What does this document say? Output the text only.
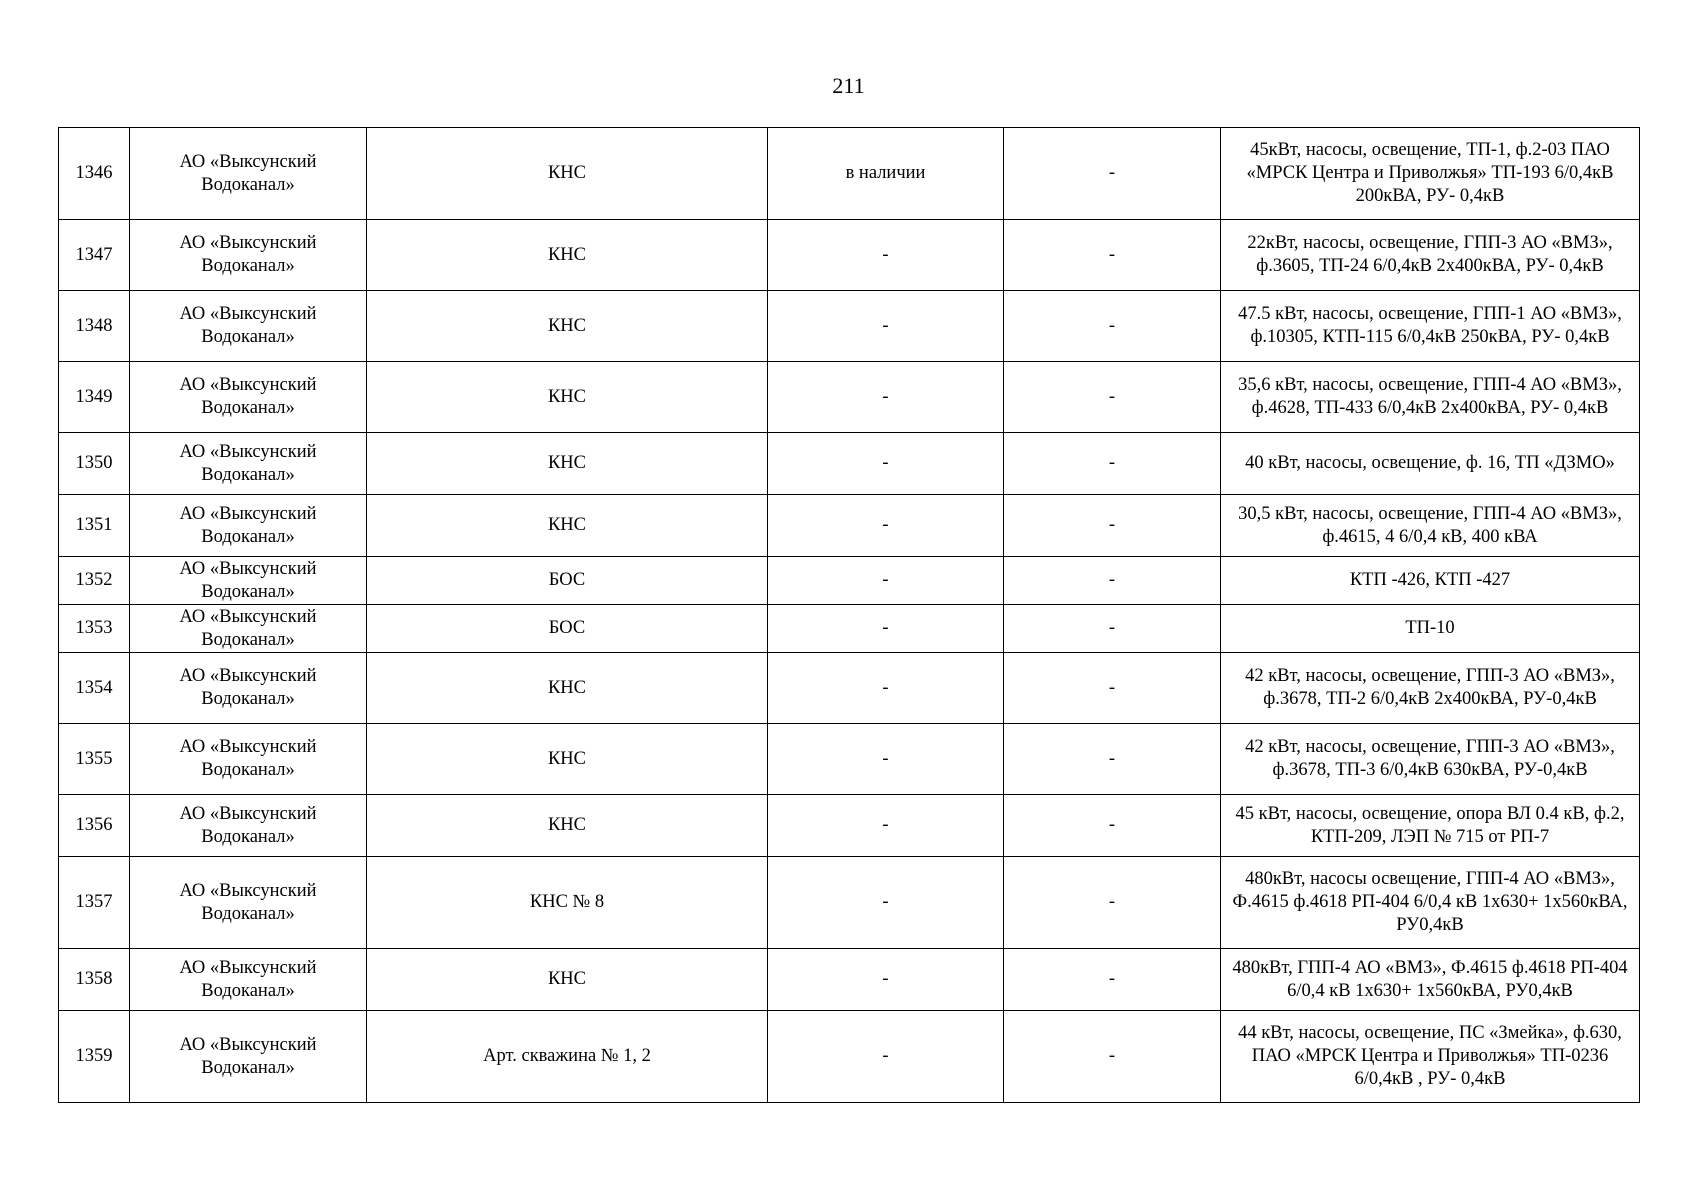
211
1346	АО «Выксунский Водоканал»	КНС	в наличии	-	45кВт, насосы, освещение, ТП-1, ф.2-03 ПАО «МРСК Центра и Приволжья» ТП-193 6/0,4кВ 200кВА, РУ- 0,4кВ
1347	АО «Выксунский Водоканал»	КНС	-	-	22кВт, насосы, освещение, ГПП-3 АО «ВМЗ», ф.3605, ТП-24 6/0,4кВ 2х400кВА, РУ- 0,4кВ
1348	АО «Выксунский Водоканал»	КНС	-	-	47.5 кВт, насосы, освещение, ГПП-1 АО «ВМЗ», ф.10305, КТП-115 6/0,4кВ 250кВА, РУ- 0,4кВ
1349	АО «Выксунский Водоканал»	КНС	-	-	35,6 кВт, насосы, освещение, ГПП-4 АО «ВМЗ», ф.4628, ТП-433 6/0,4кВ 2х400кВА, РУ- 0,4кВ
1350	АО «Выксунский Водоканал»	КНС	-	-	40 кВт, насосы, освещение, ф. 16, ТП «ДЗМО»
1351	АО «Выксунский Водоканал»	КНС	-	-	30,5 кВт, насосы, освещение, ГПП-4 АО «ВМЗ», ф.4615, 4 6/0,4 кВ, 400 кВА
1352	АО «Выксунский Водоканал»	БОС	-	-	КТП -426, КТП -427
1353	АО «Выксунский Водоканал»	БОС	-	-	ТП-10
1354	АО «Выксунский Водоканал»	КНС	-	-	42 кВт, насосы, освещение, ГПП-3 АО «ВМЗ», ф.3678, ТП-2 6/0,4кВ 2х400кВА, РУ-0,4кВ
1355	АО «Выксунский Водоканал»	КНС	-	-	42 кВт, насосы, освещение, ГПП-3 АО «ВМЗ», ф.3678, ТП-3 6/0,4кВ 630кВА, РУ-0,4кВ
1356	АО «Выксунский Водоканал»	КНС	-	-	45 кВт, насосы, освещение, опора ВЛ 0.4 кВ, ф.2, КТП-209, ЛЭП № 715 от РП-7
1357	АО «Выксунский Водоканал»	КНС № 8	-	-	480кВт, насосы освещение, ГПП-4 АО «ВМЗ», Ф.4615 ф.4618 РП-404 6/0,4 кВ 1х630+ 1х560кВА, РУ0,4кВ
1358	АО «Выксунский Водоканал»	КНС	-	-	480кВт, ГПП-4 АО «ВМЗ», Ф.4615 ф.4618 РП-404 6/0,4 кВ 1х630+ 1х560кВА, РУ0,4кВ
1359	АО «Выксунский Водоканал»	Арт. скважина № 1, 2	-	-	44 кВт, насосы, освещение, ПС «Змейка», ф.630, ПАО «МРСК Центра и Приволжья» ТП-0236 6/0,4кВ , РУ- 0,4кВ
